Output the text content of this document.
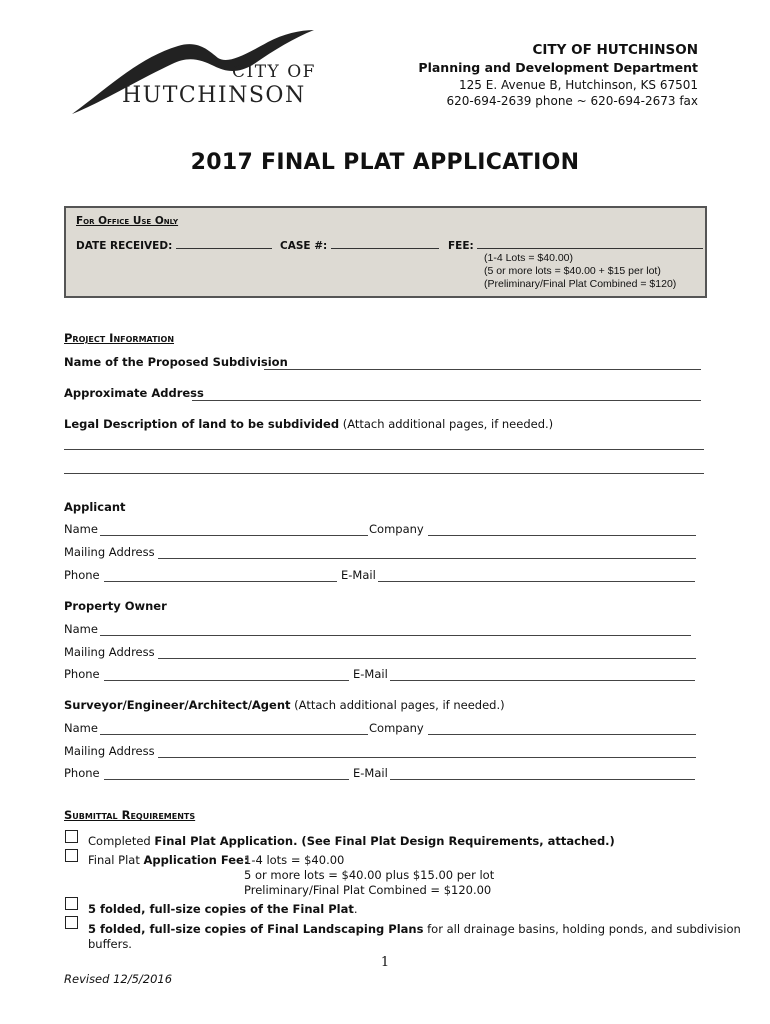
CITY OF
HUTCHINSON
CITY OF HUTCHINSON
Planning and Development Department
125 E. Avenue B, Hutchinson, KS 67501
620-694-2639 phone ~ 620-694-2673 fax
2017 FINAL PLAT APPLICATION
For Office Use Only
DATE RECEIVED:	CASE #:	FEE:
(1-4 Lots = $40.00)
(5 or more lots = $40.00 + $15 per lot)
(Preliminary/Final Plat Combined = $120)
Project Information
Name of the Proposed Subdivision
Approximate Address
Legal Description of land to be subdivided (Attach additional pages, if needed.)
Applicant
Name	Company
Mailing Address
Phone	E-Mail
Property Owner
Name
Mailing Address
Phone	E-Mail
Surveyor/Engineer/Architect/Agent (Attach additional pages, if needed.)
Name	Company
Mailing Address
Phone	E-Mail
Submittal Requirements
Completed Final Plat Application. (See Final Plat Design Requirements, attached.)
Final Plat Application Fee:
1-4 lots = $40.00
5 or more lots = $40.00 plus $15.00 per lot
Preliminary/Final Plat Combined = $120.00
5 folded, full-size copies of the Final Plat.
5 folded, full-size copies of Final Landscaping Plans for all drainage basins, holding ponds, and subdivision
buffers.
1
Revised 12/5/2016
